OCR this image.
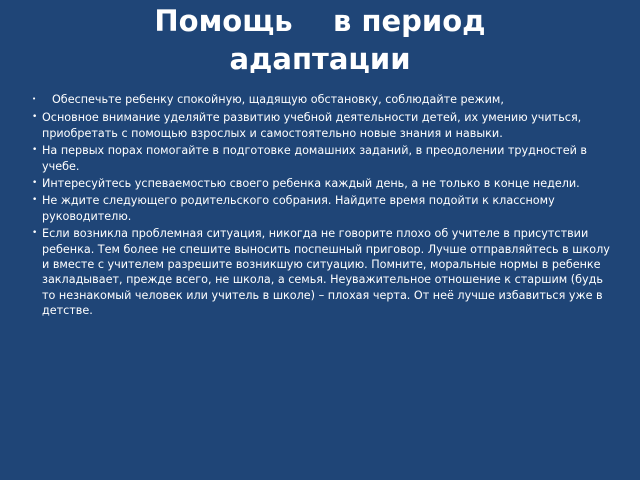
Помощь    в период
адаптации
• Обеспечьте ребенку спокойную, щадящую обстановку, соблюдайте режим,
• Основное внимание уделяйте развитию учебной деятельности детей, их умению учиться, приобретать с помощью взрослых и самостоятельно новые знания и навыки.
• На первых порах помогайте в подготовке домашних заданий, в преодолении трудностей в учебе.
• Интересуйтесь успеваемостью своего ребенка каждый день, а не только в конце недели.
• Не ждите следующего родительского собрания. Найдите время подойти к классному руководителю.
• Если возникла проблемная ситуация, никогда не говорите плохо об учителе в присутствии ребенка. Тем более не спешите выносить поспешный приговор. Лучше отправляйтесь в школу и вместе с учителем разрешите возникшую ситуацию. Помните, моральные нормы в ребенке закладывает, прежде всего, не школа, а семья. Неуважительное отношение к старшим (будь то незнакомый человек или учитель в школе) – плохая черта. От неё лучше избавиться уже в детстве.
